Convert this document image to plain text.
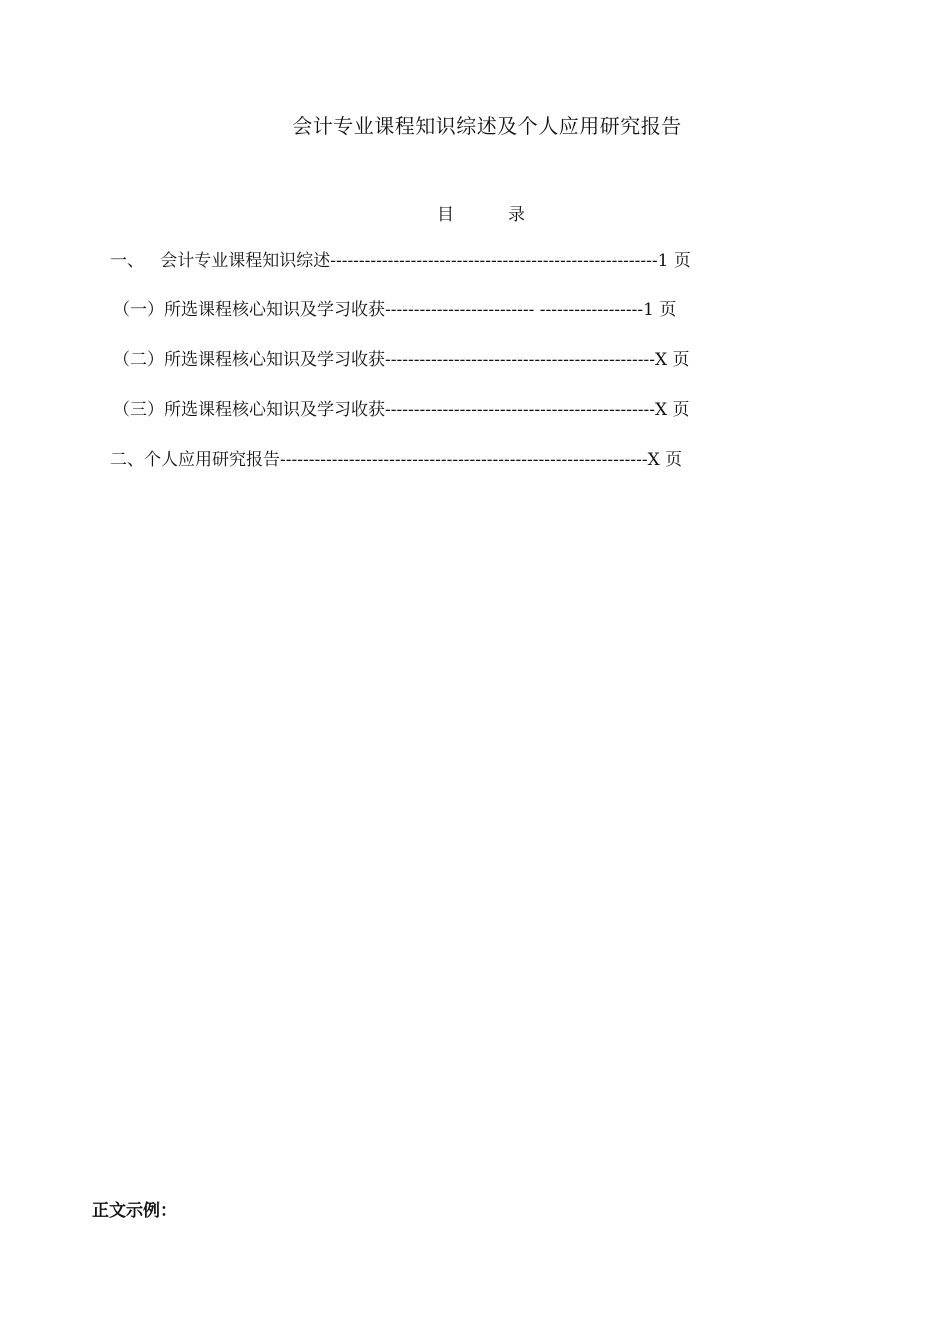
会计专业课程知识综述及个人应用研究报告
目          录
一、   会计专业课程知识综述---------------------------------------------------------1 页
（一）所选课程核心知识及学习收获-------------------------- ------------------1 页
（二）所选课程核心知识及学习收获-----------------------------------------------X 页
（三）所选课程核心知识及学习收获-----------------------------------------------X 页
二、个人应用研究报告----------------------------------------------------------------X 页
正文示例：
